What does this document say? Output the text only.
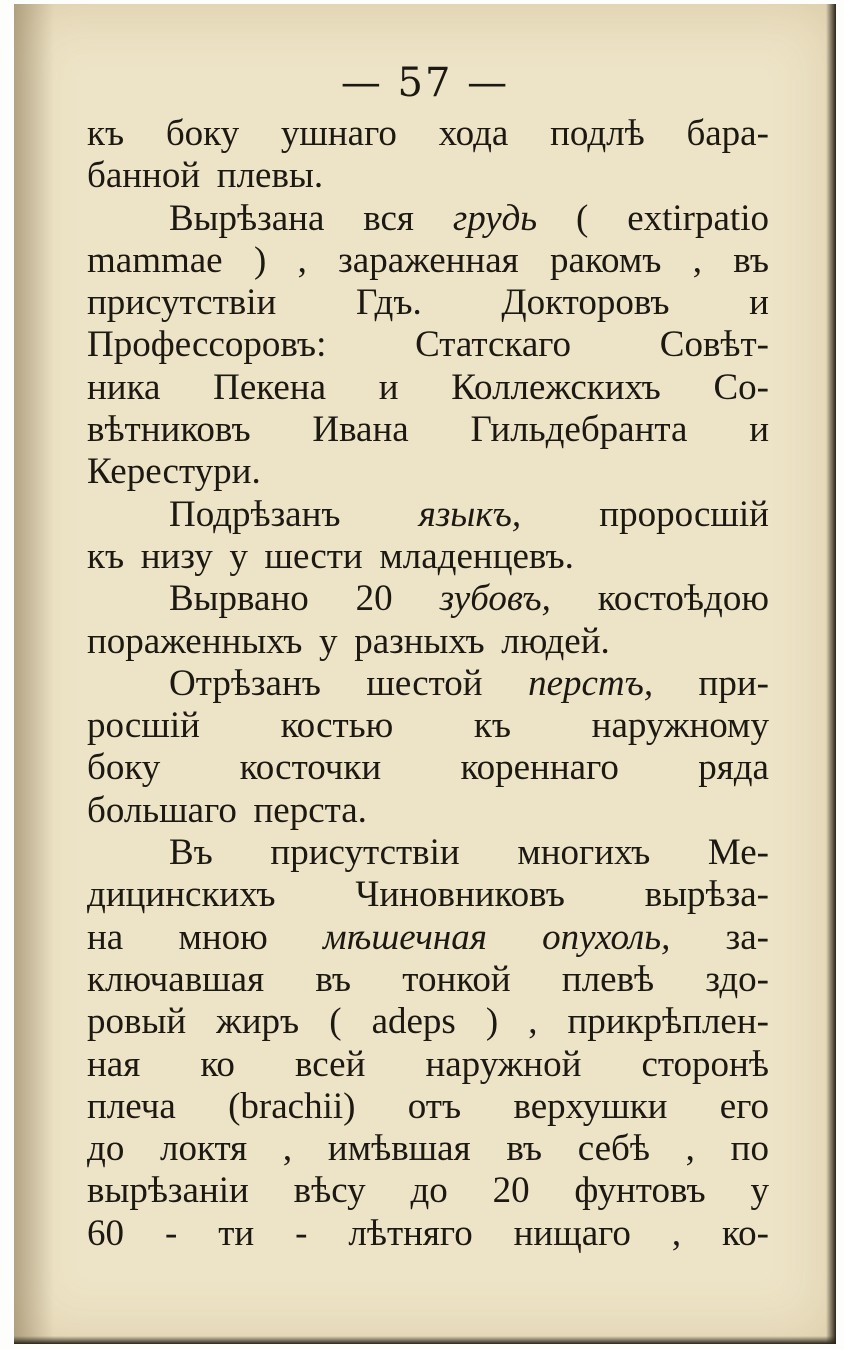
— 57 —
къ боку ушнаго хода подлѣ бара-
банной плевы.
Вырѣзана вся грудь ( extirpatio
mammae ) , зараженная ракомъ , въ
присутствіи Гдъ. Докторовъ и
Профессоровъ: Статскаго Совѣт-
ника Пекена и Коллежскихъ Со-
вѣтниковъ Ивана Гильдебранта и
Керестури.
Подрѣзанъ языкъ, проросшій
къ низу у шести младенцевъ.
Вырвано 20 зубовъ, костоѣдою
пораженныхъ у разныхъ людей.
Отрѣзанъ шестой перстъ, при-
росшій костью къ наружному
боку косточки кореннаго ряда
большаго перста.
Въ присутствіи многихъ Ме-
дицинскихъ Чиновниковъ вырѣза-
на мною мѣшечная опухоль, за-
ключавшая въ тонкой плевѣ здо-
ровый жиръ ( adeps ) , прикрѣплен-
ная ко всей наружной сторонѣ
плеча (brachii) отъ верхушки его
до локтя , имѣвшая въ себѣ , по
вырѣзаніи вѣсу до 20 фунтовъ у
60 - ти - лѣтняго нищаго , ко-
